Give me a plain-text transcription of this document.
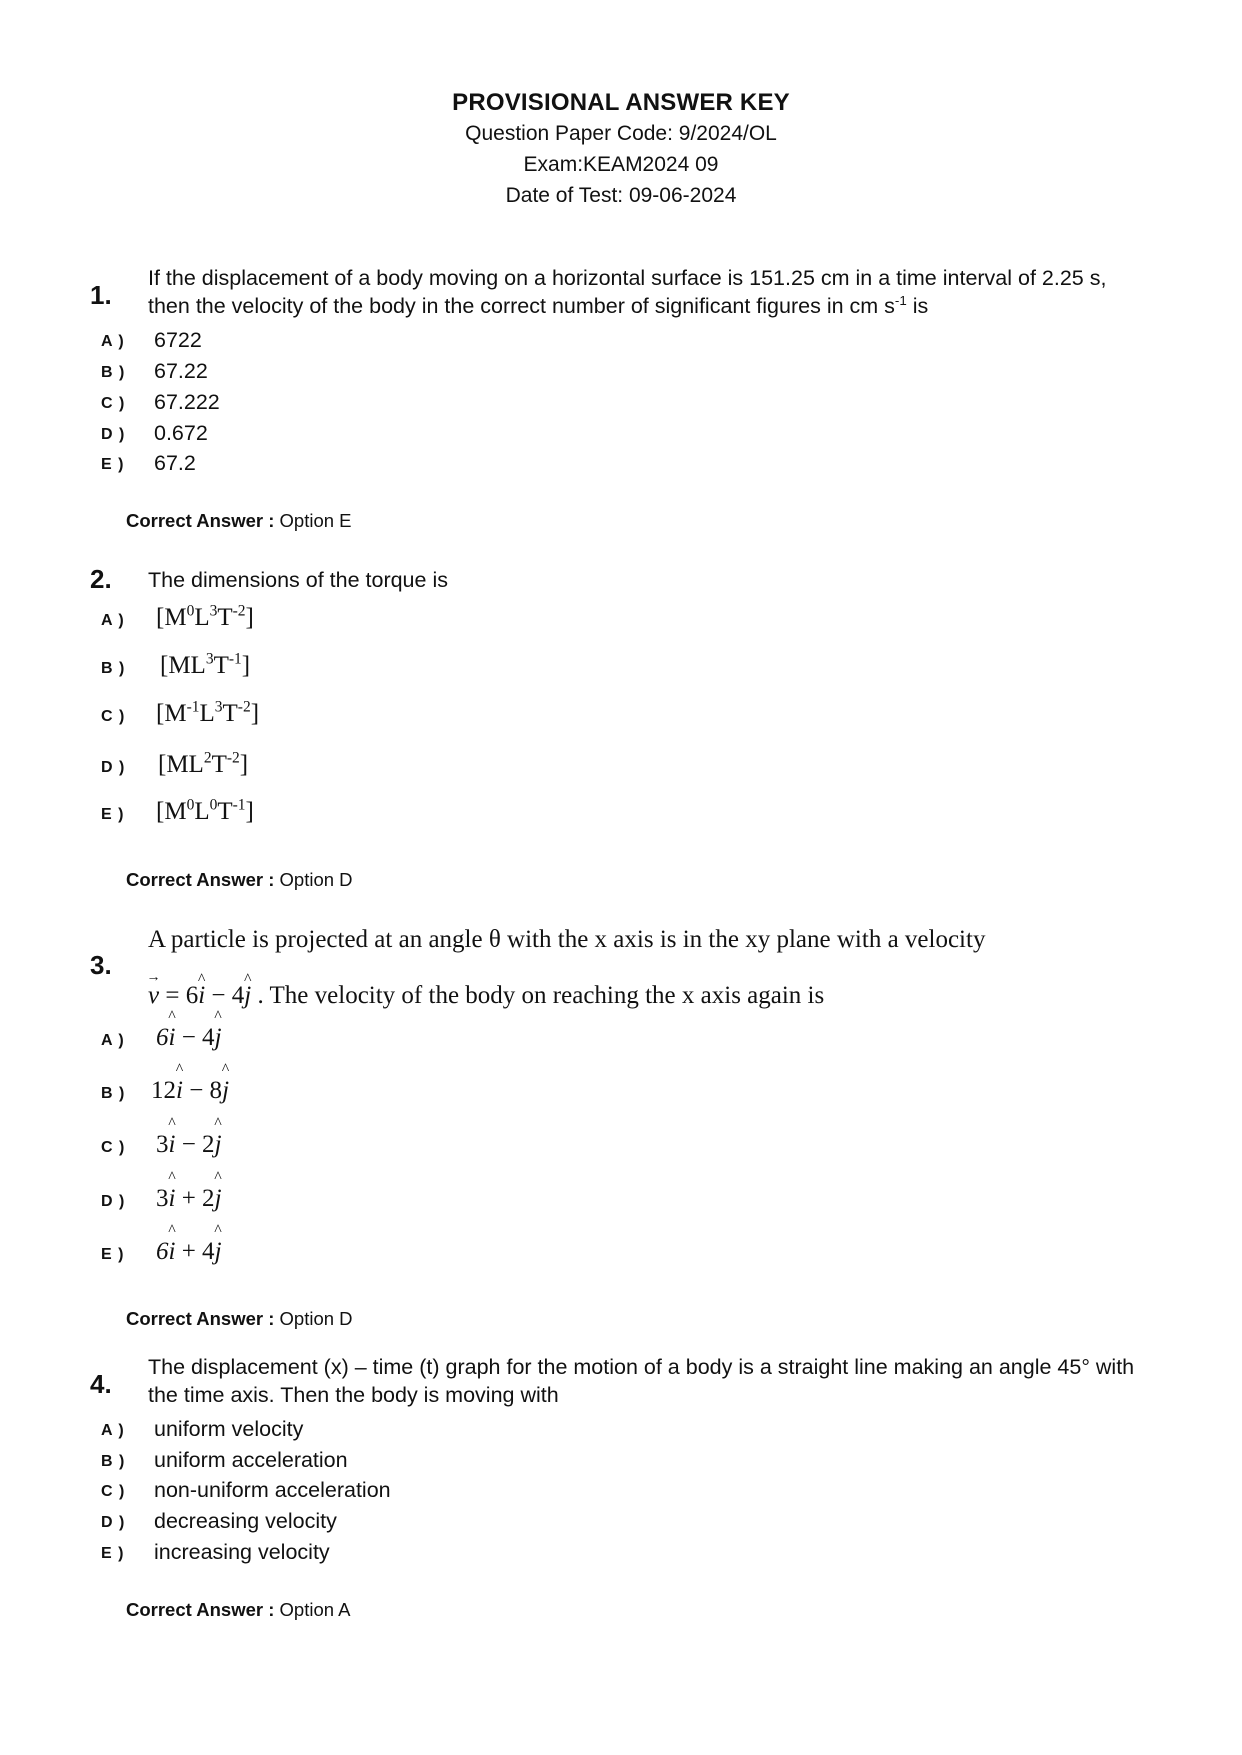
PROVISIONAL ANSWER KEY
Question Paper Code: 9/2024/OL
Exam:KEAM2024 09
Date of Test: 09-06-2024
1.
If the displacement of a body moving on a horizontal surface is 151.25 cm in a time interval of 2.25 s,
then the velocity of the body in the correct number of significant figures in cm $s^{-1}$ is
A ) 6722
B ) 67.22
C ) 67.222
D ) 0.672
E ) 67.2
Correct Answer : Option E
2. The dimensions of the torque is
A ) $[M^0L^3T^{-2}]$
B ) $[ML^3T^{-1}]$
C ) $[M^{-1}L^3T^{-2}]$
D ) $[ML^2T^{-2}]$
E ) $[M^0L^0T^{-1}]$
Correct Answer : Option D
3.
A particle is projected at an angle θ with the x axis is in the xy plane with a velocity
→ v = 6^ i − 4^ j . The velocity of the body on reaching the x axis again is
A ) 6^ i − 4^ j
B ) 12^ i − 8^ j
C ) 3^ i − 2^ j
D ) 3^ i + 2^ j
E ) 6^ i + 4^ j
Correct Answer : Option D
4.
The displacement (x) – time (t) graph for the motion of a body is a straight line making an angle 45° with
the time axis. Then the body is moving with
A ) uniform velocity
B ) uniform acceleration
C ) non-uniform acceleration
D ) decreasing velocity
E ) increasing velocity
Correct Answer : Option A
